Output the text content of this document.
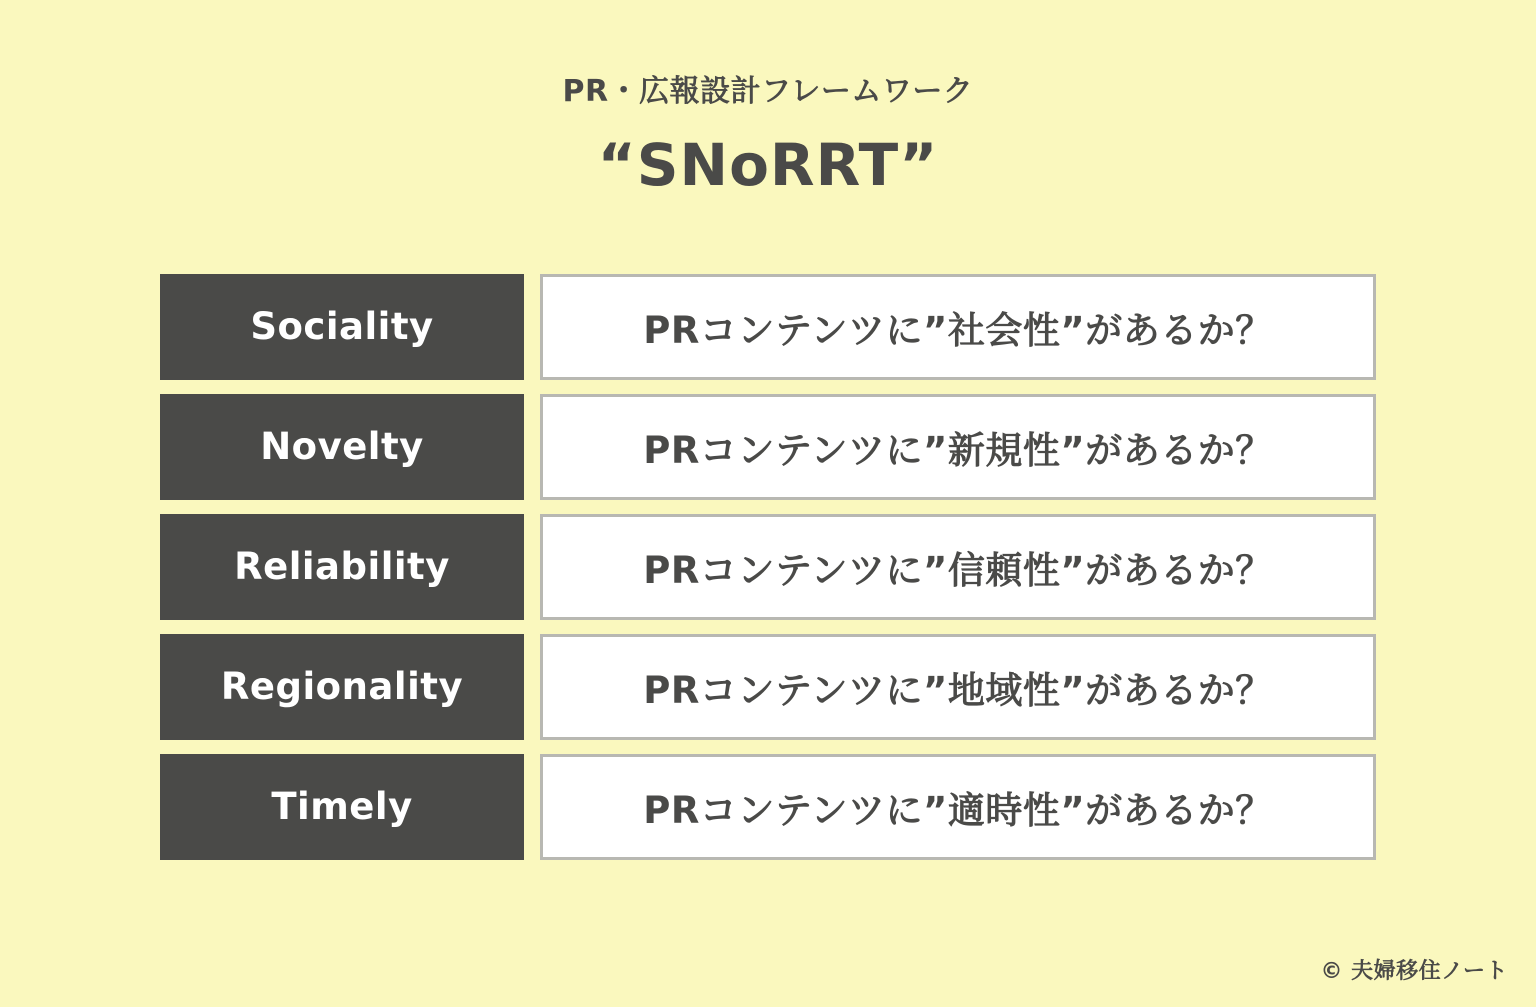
PR・広報設計フレームワーク
“SNoRRT”
Sociality	PRコンテンツに”社会性”があるか？
Novelty	PRコンテンツに”新規性”があるか？
Reliability	PRコンテンツに”信頼性”があるか？
Regionality	PRコンテンツに”地域性”があるか？
Timely	PRコンテンツに”適時性”があるか？
© 夫婦移住ノート
